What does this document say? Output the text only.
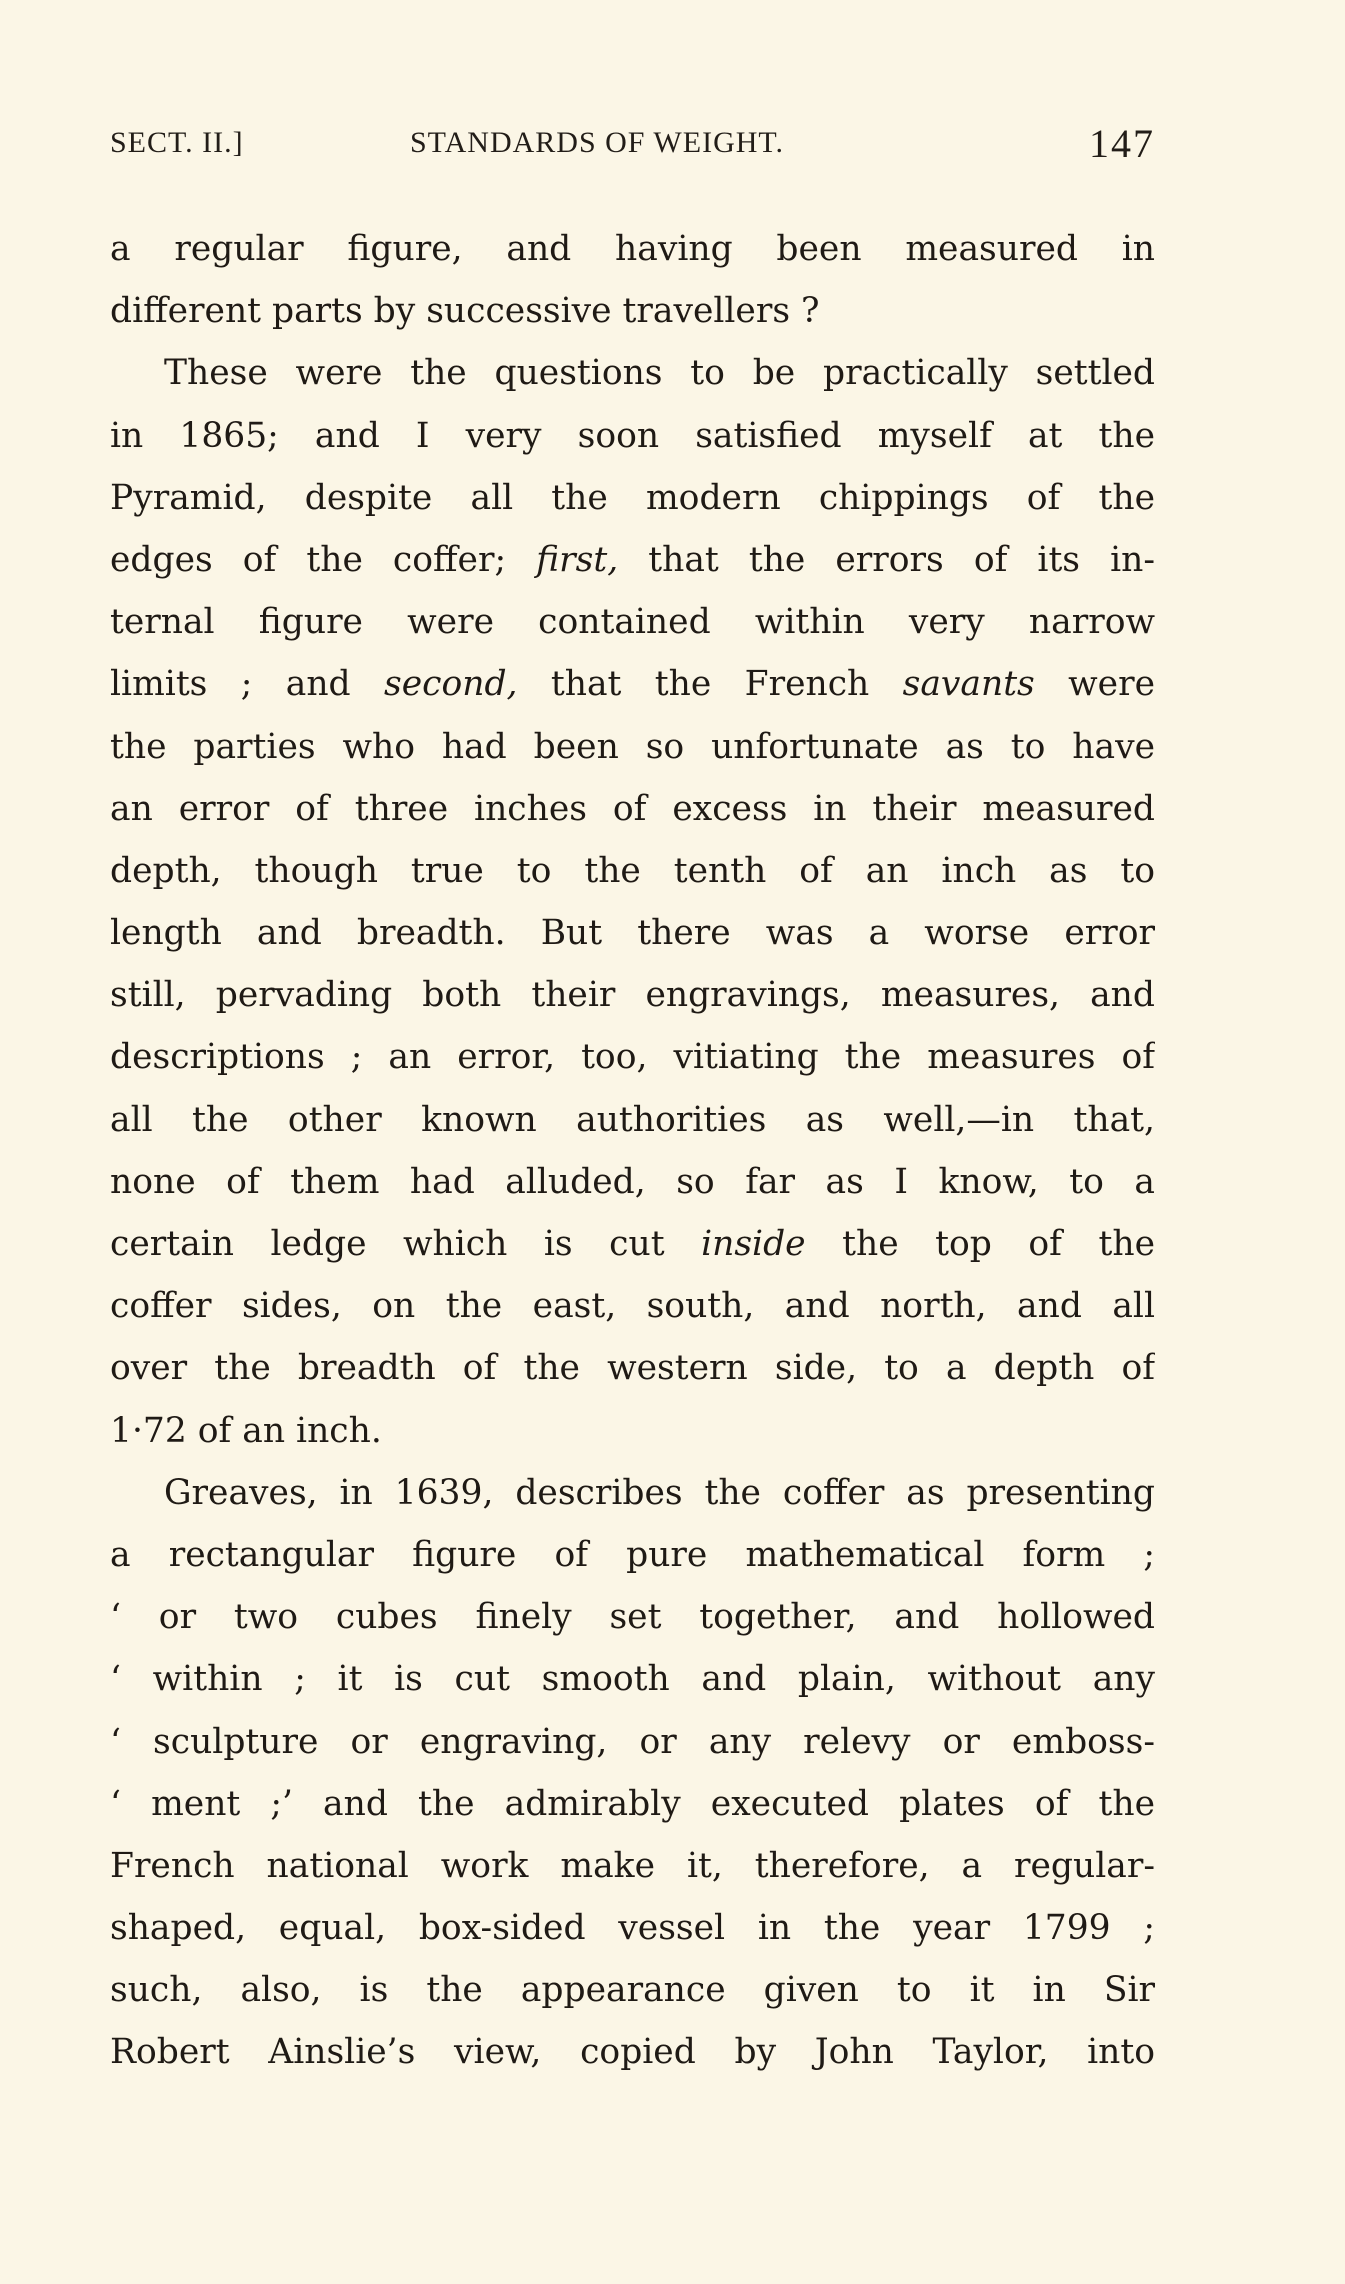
SECT. II.]	STANDARDS OF WEIGHT.	147
a regular figure, and having been measured in
different parts by successive travellers ?
These were the questions to be practically settled
in 1865; and I very soon satisfied myself at the
Pyramid, despite all the modern chippings of the
edges of the coffer; first, that the errors of its in-
ternal figure were contained within very narrow
limits ; and second, that the French savants were
the parties who had been so unfortunate as to have
an error of three inches of excess in their measured
depth, though true to the tenth of an inch as to
length and breadth. But there was a worse error
still, pervading both their engravings, measures, and
descriptions ; an error, too, vitiating the measures of
all the other known authorities as well,—in that,
none of them had alluded, so far as I know, to a
certain ledge which is cut inside the top of the
coffer sides, on the east, south, and north, and all
over the breadth of the western side, to a depth of
1·72 of an inch.
Greaves, in 1639, describes the coffer as presenting
a rectangular figure of pure mathematical form ;
‘ or two cubes finely set together, and hollowed
‘ within ; it is cut smooth and plain, without any
‘ sculpture or engraving, or any relevy or emboss-
‘ ment ;’ and the admirably executed plates of the
French national work make it, therefore, a regular-
shaped, equal, box-sided vessel in the year 1799 ;
such, also, is the appearance given to it in Sir
Robert Ainslie’s view, copied by John Taylor, into
